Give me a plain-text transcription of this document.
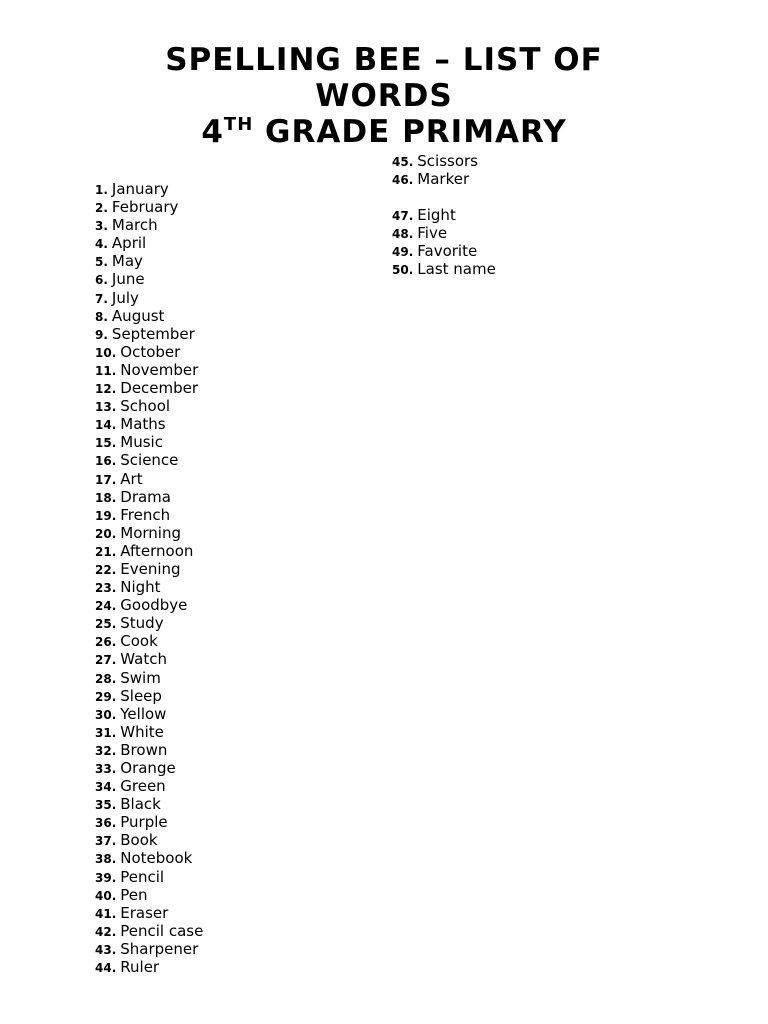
SPELLING BEE – LIST OF
WORDS
4TH GRADE PRIMARY
1. January
2. February
3. March
4. April
5. May
6. June
7. July
8. August
9. September
10. October
11. November
12. December
13. School
14. Maths
15. Music
16. Science
17. Art
18. Drama
19. French
20. Morning
21. Afternoon
22. Evening
23. Night
24. Goodbye
25. Study
26. Cook
27. Watch
28. Swim
29. Sleep
30. Yellow
31. White
32. Brown
33. Orange
34. Green
35. Black
36. Purple
37. Book
38. Notebook
39. Pencil
40. Pen
41. Eraser
42. Pencil case
43. Sharpener
44. Ruler
45. Scissors
46. Marker
47. Eight
48. Five
49. Favorite
50. Last name
